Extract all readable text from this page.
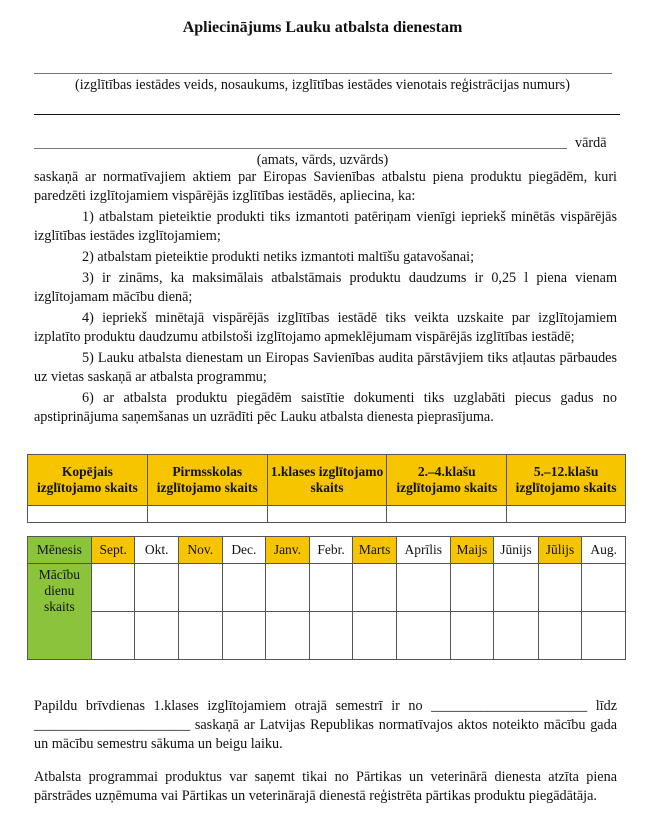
Apliecinājums Lauku atbalsta dienestam
(izglītības iestādes veids, nosaukums, izglītības iestādes vienotais reģistrācijas numurs)
vārdā
(amats, vārds, uzvārds)

saskaņā ar normatīvajiem aktiem par Eiropas Savienības atbalstu piena produktu piegādēm, kuri paredzēti izglītojamiem vispārējās izglītības iestādēs, apliecina, ka:

1) atbalstam pieteiktie produkti tiks izmantoti patēriņam vienīgi iepriekš minētās vispārējās izglītības iestādes izglītojamiem;

2) atbalstam pieteiktie produkti netiks izmantoti maltīšu gatavošanai;

3) ir zināms, ka maksimālais atbalstāmais produktu daudzums ir 0,25 l piena vienam izglītojamam mācību dienā;

4) iepriekš minētajā vispārējās izglītības iestādē tiks veikta uzskaite par izglītojamiem izplatīto produktu daudzumu atbilstoši izglītojamo apmeklējumam vispārējās izglītības iestādē;

5) Lauku atbalsta dienestam un Eiropas Savienības audita pārstāvjiem tiks atļautas pārbaudes uz vietas saskaņā ar atbalsta programmu;

6) ar atbalsta produktu piegādēm saistītie dokumenti tiks uzglabāti piecus gadus no apstiprinājuma saņemšanas un uzrādīti pēc Lauku atbalsta dienesta pieprasījuma.

Kopējais izglītojamo skaits	Pirmsskolas izglītojamo skaits	1.klases izglītojamo skaits	2.–4.klašu izglītojamo skaits	5.–12.klašu izglītojamo skaits

Mēnesis	Sept.	Okt.	Nov.	Dec.	Janv.	Febr.	Marts	Aprīlis	Maijs	Jūnijs	Jūlijs	Aug.
Mācību dienu skaits												

Papildu brīvdienas 1.klases izglītojamiem otrajā semestrī ir no ______________________ līdz

______________________ saskaņā ar Latvijas Republikas normatīvajos aktos noteikto mācību gada un mācību semestru sākuma un beigu laiku.

Atbalsta programmai produktus var saņemt tikai no Pārtikas un veterinārā dienesta atzīta piena pārstrādes uzņēmuma vai Pārtikas un veterinārajā dienestā reģistrēta pārtikas produktu piegādātāja.
